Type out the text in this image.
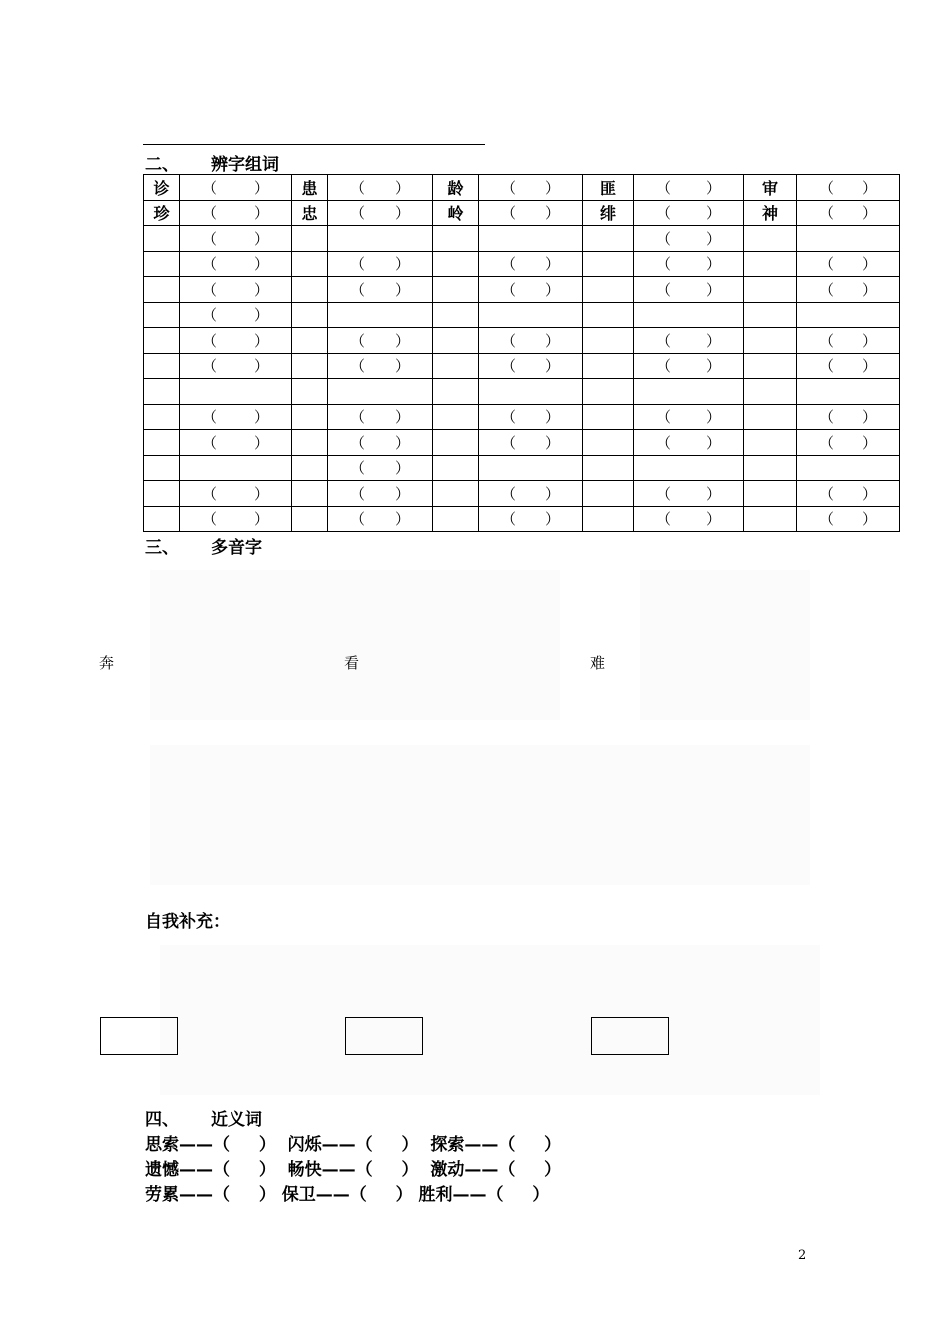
二、 辨字组词
诊	（ ）	患	（ ）	龄	（ ）	匪	（ ）	审	（ ）

珍	（ ）	忠	（ ）	岭	（ ）	绯	（ ）	神	（ ）

	（ ）						（ ）		

	（ ）		（ ）		（ ）		（ ）		（ ）

	（ ）		（ ）		（ ）		（ ）		（ ）

	（ ）								

	（ ）		（ ）		（ ）		（ ）		（ ）

	（ ）		（ ）		（ ）		（ ）		（ ）

	（ ）		（ ）		（ ）		（ ）		（ ）

	（ ）		（ ）		（ ）		（ ）		（ ）

			（ ）						

	（ ）		（ ）		（ ）		（ ）		（ ）

	（ ）		（ ）		（ ）		（ ）		（ ）
三、 多音字
奔	看	难
自我补充：
四、 近义词
思索——（　  ）  闪烁——（　  ）  探索——（　  ）
遗憾——（　  ）  畅快——（　  ）  激动——（　  ）
劳累——（　  ） 保卫——（　  ） 胜利——（　  ）
2
